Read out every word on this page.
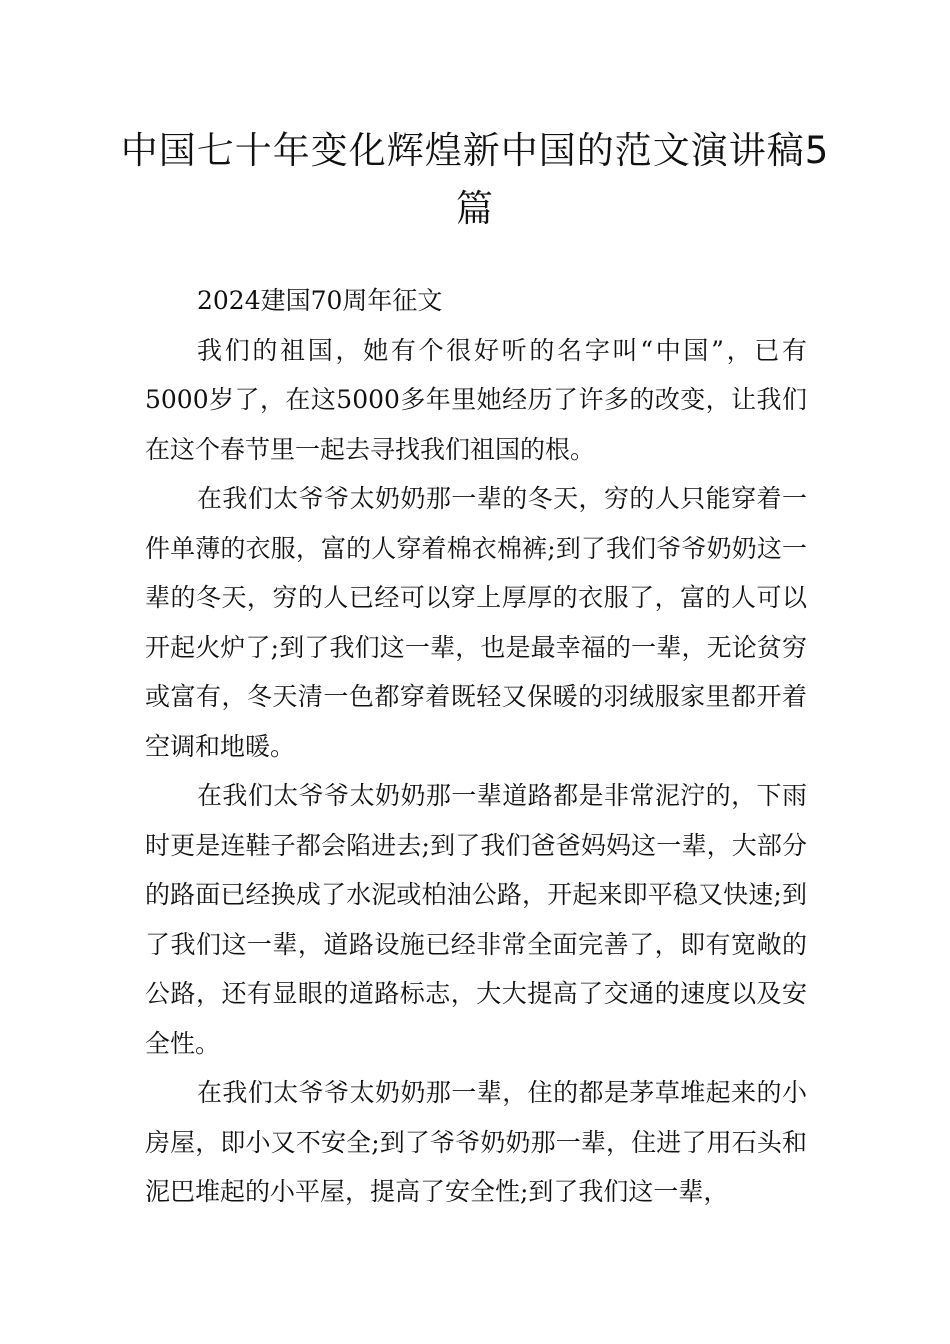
中国七十年变化辉煌新中国的范文演讲稿5篇

2024建国70周年征文

我们的祖国，她有个很好听的名字叫“中国”，已有5000岁了，在这5000多年里她经历了许多的改变，让我们在这个春节里一起去寻找我们祖国的根。

在我们太爷爷太奶奶那一辈的冬天，穷的人只能穿着一件单薄的衣服，富的人穿着棉衣棉裤;到了我们爷爷奶奶这一辈的冬天，穷的人已经可以穿上厚厚的衣服了，富的人可以开起火炉了;到了我们这一辈，也是最幸福的一辈，无论贫穷或富有，冬天清一色都穿着既轻又保暖的羽绒服家里都开着空调和地暖。

在我们太爷爷太奶奶那一辈道路都是非常泥泞的，下雨时更是连鞋子都会陷进去;到了我们爸爸妈妈这一辈，大部分的路面已经换成了水泥或柏油公路，开起来即平稳又快速;到了我们这一辈，道路设施已经非常全面完善了，即有宽敞的公路，还有显眼的道路标志，大大提高了交通的速度以及安全性。

在我们太爷爷太奶奶那一辈，住的都是茅草堆起来的小房屋，即小又不安全;到了爷爷奶奶那一辈，住进了用石头和泥巴堆起的小平屋，提高了安全性;到了我们这一辈，
